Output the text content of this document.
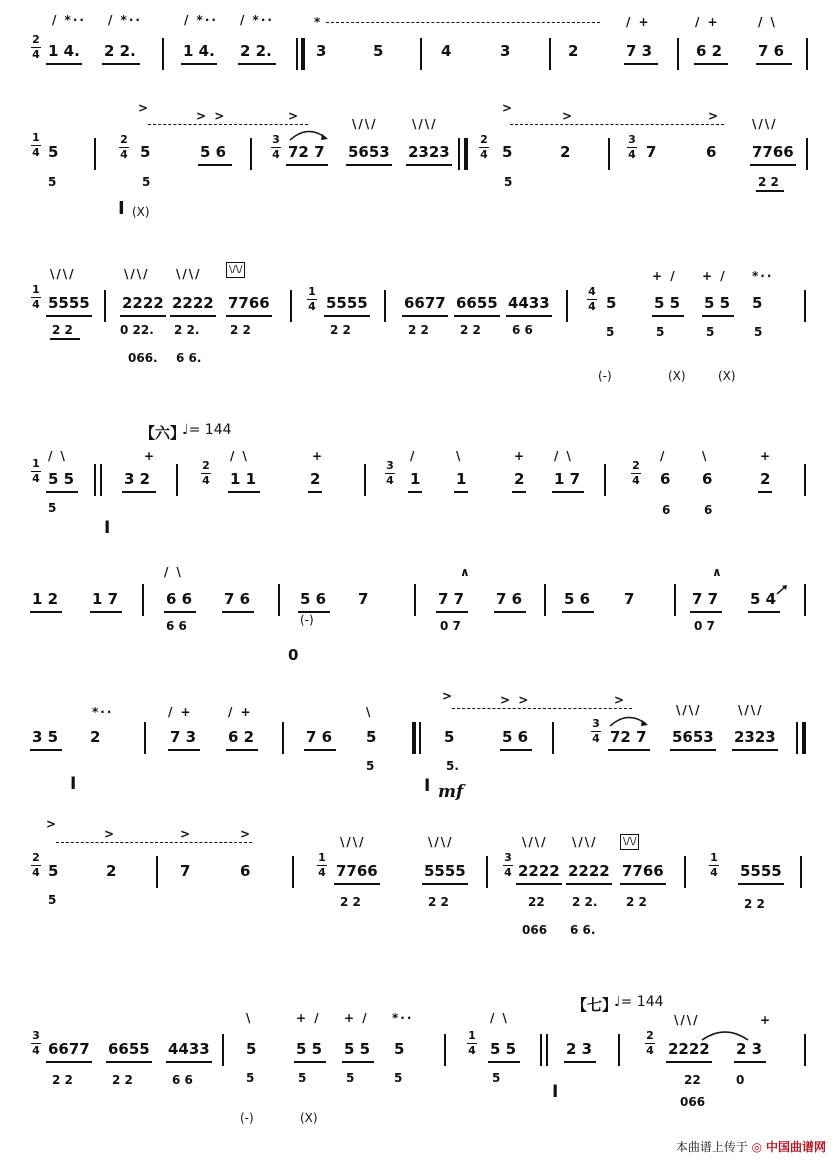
2
4
/ *·· / *··	/ *·· / *··
1 4. 2 2.	1 4. 2 2.
*
3	5	4	3	2
/ +
7 3
/ +
6 2
/ \
7 6
1
4 5
5
2
4
>
> >	>
5
5
5 6
I (X)
3
4 72 7
\/\/
5653
\/\/
2323
2
4
>
>	>
5
5
2
3
4 7	6
\/\/
7766
2 2
1
4
\/\/
5555
2 2
\/\/
2222
\/\/
2222
\/\/
7766
0 22. 2 2.	2 2
066. 6 6.
1
4 5555
2 2
6677 6655 4433
2 2	2 2	6 6
4
4
+ / + / *··
5	5 5 5 5 5
5	5	5	5
(-)	(X)	(X)
【六】
♩= 144
1
4
/ \
5 5
5
+
3 2
I
2
4
/ \
1 1
+
2
3
4
/
1
\
1
+
2
/ \
1 7
2
4
/
6
\
6
+
2
6	6
1 2 1 7
/ \
6 6
6 6
7 6	5 6
(-)
7
0
∧
7 7
0 7
7 6	5 6 7
∧
7 7
0 7
5 4
3 5
*··
2
I
/ +
7 3
/ +
6 2	7 6
\
5
5
>	> >	>
5
5.
I mf
5 6
3
4 72 7
\/\/
5653
\/\/
2323
2
4
>
>	>	>
5
5
2	7	6
1
4
\/\/
7766
2 2
\/\/
5555
2 2
3
4
\/\/
2222
\/\/
2222
\/\/
7766
22 2 2. 2 2
066 6 6.
1
4 5555
2 2
【七】
♩= 144
3
4 6677 6655 4433
2 2	2 2	6 6
\
5
5
+ /
5 5
5
+ /
5 5
5
*··
5
5
(-)	(X)
1
4
/ \
5 5
5
2 3
I
2
4
\/\/
2222
+
2 3
22	0
066
本曲谱上传于 ◎ 中国曲谱网
